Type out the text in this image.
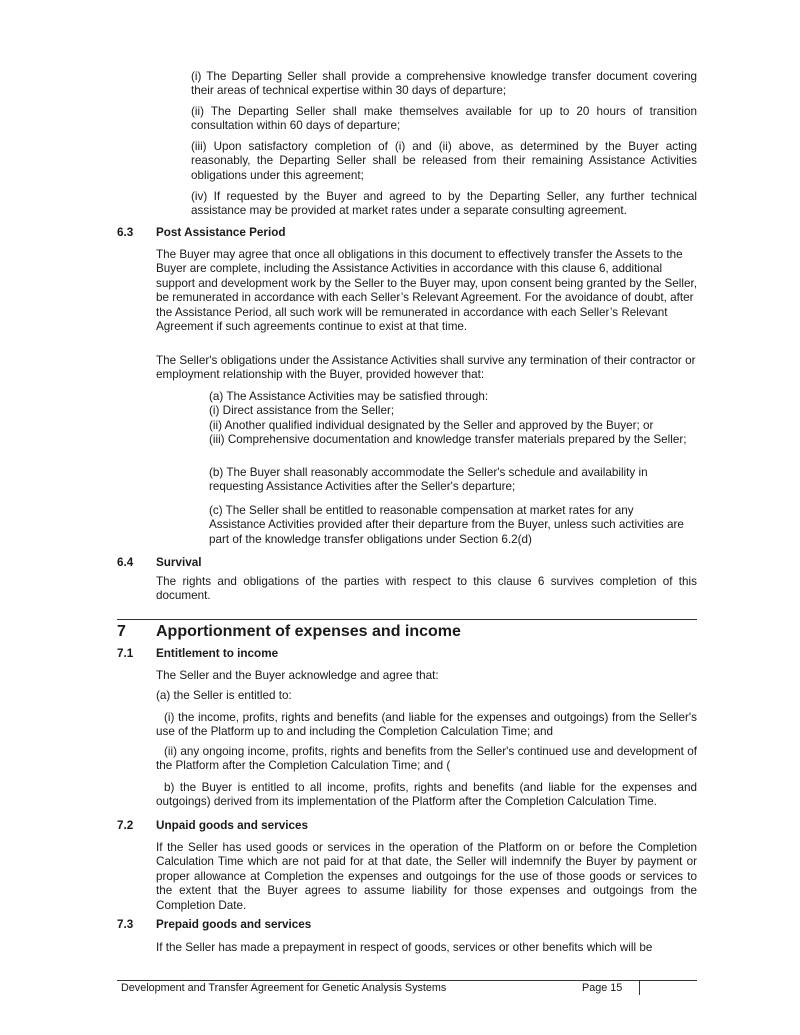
(i) The Departing Seller shall provide a comprehensive knowledge transfer document covering their areas of technical expertise within 30 days of departure;

(ii) The Departing Seller shall make themselves available for up to 20 hours of transition consultation within 60 days of departure;

(iii) Upon satisfactory completion of (i) and (ii) above, as determined by the Buyer acting reasonably, the Departing Seller shall be released from their remaining Assistance Activities obligations under this agreement;

(iv) If requested by the Buyer and agreed to by the Departing Seller, any further technical assistance may be provided at market rates under a separate consulting agreement.

6.3 Post Assistance Period

The Buyer may agree that once all obligations in this document to effectively transfer the Assets to the Buyer are complete, including the Assistance Activities in accordance with this clause 6, additional support and development work by the Seller to the Buyer may, upon consent being granted by the Seller, be remunerated in accordance with each Seller’s Relevant Agreement. For the avoidance of doubt, after the Assistance Period, all such work will be remunerated in accordance with each Seller’s Relevant Agreement if such agreements continue to exist at that time.

The Seller's obligations under the Assistance Activities shall survive any termination of their contractor or employment relationship with the Buyer, provided however that:

(a) The Assistance Activities may be satisfied through:

(i) Direct assistance from the Seller;

(ii) Another qualified individual designated by the Seller and approved by the Buyer; or

(iii) Comprehensive documentation and knowledge transfer materials prepared by the Seller;

(b) The Buyer shall reasonably accommodate the Seller's schedule and availability in requesting Assistance Activities after the Seller's departure;

(c) The Seller shall be entitled to reasonable compensation at market rates for any Assistance Activities provided after their departure from the Buyer, unless such activities are part of the knowledge transfer obligations under Section 6.2(d)

6.4 Survival

The rights and obligations of the parties with respect to this clause 6 survives completion of this document.

7 Apportionment of expenses and income
7.1 Entitlement to income

The Seller and the Buyer acknowledge and agree that:

(a) the Seller is entitled to:

(i) the income, profits, rights and benefits (and liable for the expenses and outgoings) from the Seller's use of the Platform up to and including the Completion Calculation Time; and

(ii) any ongoing income, profits, rights and benefits from the Seller's continued use and development of the Platform after the Completion Calculation Time; and (

b) the Buyer is entitled to all income, profits, rights and benefits (and liable for the expenses and outgoings) derived from its implementation of the Platform after the Completion Calculation Time.

7.2 Unpaid goods and services

If the Seller has used goods or services in the operation of the Platform on or before the Completion Calculation Time which are not paid for at that date, the Seller will indemnify the Buyer by payment or proper allowance at Completion the expenses and outgoings for the use of those goods or services to the extent that the Buyer agrees to assume liability for those expenses and outgoings from the Completion Date.

7.3 Prepaid goods and services

If the Seller has made a prepayment in respect of goods, services or other benefits which will be

Development and Transfer Agreement for Genetic Analysis Systems	Page 15
